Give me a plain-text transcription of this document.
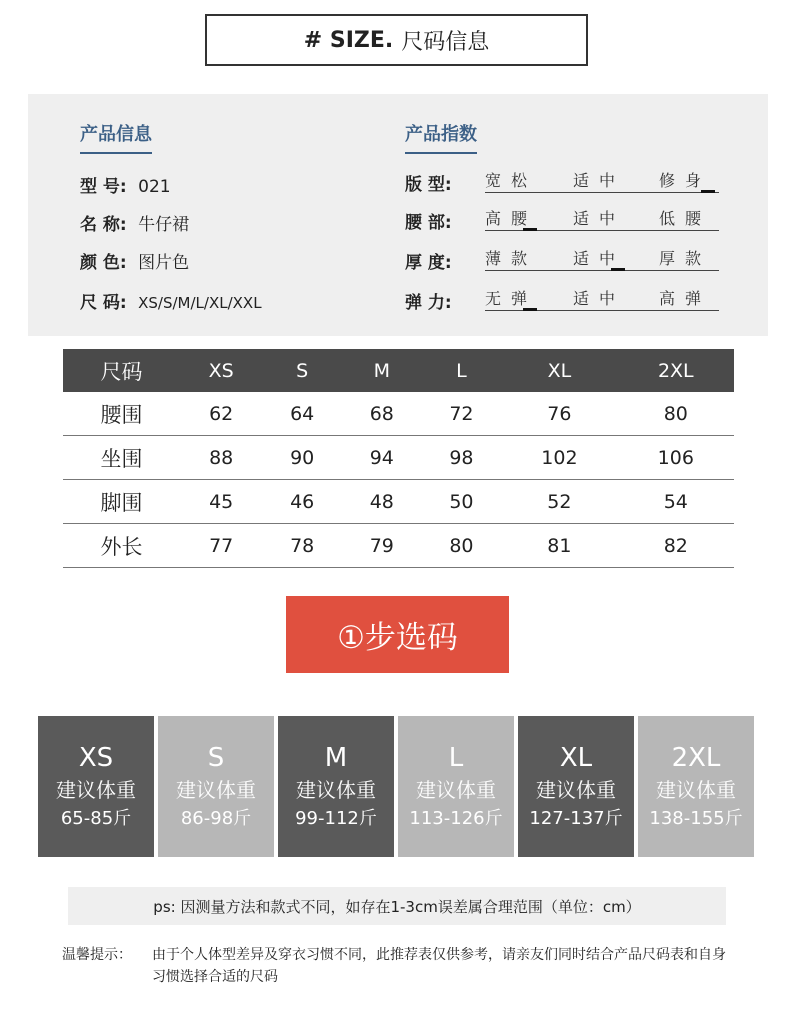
# SIZE. 尺码信息
产品信息	产品指数
型 号: 021
名 称: 牛仔裙
颜 色: 图片色
尺 码: XS/S/M/L/XL/XXL
版 型: 宽松 适中 修身
腰 部: 高腰 适中 低腰
厚 度: 薄款 适中 厚款
弹 力: 无弹 适中 高弹
尺码	XS	S	M	L	XL	2XL
腰围	62	64	68	72	76	80
坐围	88	90	94	98	102	106
脚围	45	46	48	50	52	54
外长	77	78	79	80	81	82
①步选码
XS
建议体重
65-85斤
S
建议体重
86-98斤
M
建议体重
99-112斤
L
建议体重
113-126斤
XL
建议体重
127-137斤
2XL
建议体重
138-155斤
ps: 因测量方法和款式不同，如存在1-3cm误差属合理范围（单位：cm）
温馨提示： 由于个人体型差异及穿衣习惯不同，此推荐表仅供参考，请亲友们同时结合产品尺码表和自身习惯选择合适的尺码
